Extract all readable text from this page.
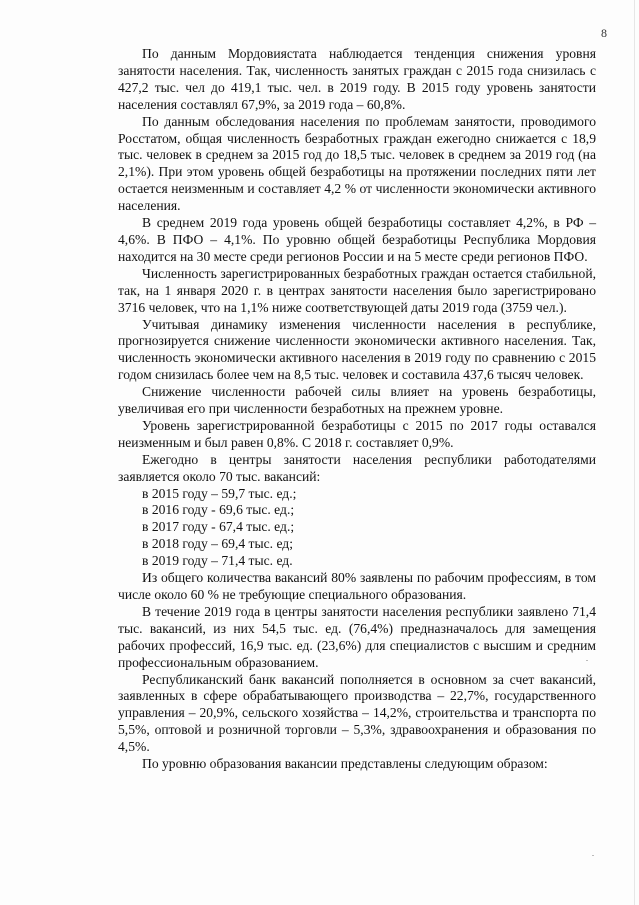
8

По данным Мордовиястата наблюдается тенденция снижения уровня занятости населения. Так, численность занятых граждан с 2015 года снизилась с 427,2 тыс. чел до 419,1 тыс. чел. в 2019 году. В 2015 году уровень занятости населения составлял 67,9%, за 2019 года – 60,8%.

По данным обследования населения по проблемам занятости, проводимого Росстатом, общая численность безработных граждан ежегодно снижается с 18,9 тыс. человек в среднем за 2015 год до 18,5 тыс. человек в среднем за 2019 год (на 2,1%). При этом уровень общей безработицы на протяжении последних пяти лет остается неизменным и составляет 4,2 % от численности экономически активного населения.

В среднем 2019 года уровень общей безработицы составляет 4,2%, в РФ – 4,6%. В ПФО – 4,1%. По уровню общей безработицы Республика Мордовия находится на 30 месте среди регионов России и на 5 месте среди регионов ПФО.

Численность зарегистрированных безработных граждан остается стабильной, так, на 1 января 2020 г. в центрах занятости населения было зарегистрировано 3716 человек, что на 1,1% ниже соответствующей даты 2019 года (3759 чел.).

Учитывая динамику изменения численности населения в республике, прогнозируется снижение численности экономически активного населения. Так, численность экономически активного населения в 2019 году по сравнению с 2015 годом снизилась более чем на 8,5 тыс. человек и составила 437,6 тысяч человек.

Снижение численности рабочей силы влияет на уровень безработицы, увеличивая его при численности безработных на прежнем уровне.

Уровень зарегистрированной безработицы с 2015 по 2017 годы оставался неизменным и был равен 0,8%. С 2018 г. составляет 0,9%.

Ежегодно в центры занятости населения республики работодателями заявляется около 70 тыс. вакансий:

в 2015 году – 59,7 тыс. ед.;

в 2016 году - 69,6 тыс. ед.;

в 2017 году - 67,4 тыс. ед.;

в 2018 году – 69,4 тыс. ед;

в 2019 году – 71,4 тыс. ед.

Из общего количества вакансий 80% заявлены по рабочим профессиям, в том числе около 60 % не требующие специального образования.

В течение 2019 года в центры занятости населения республики заявлено 71,4 тыс. вакансий, из них 54,5 тыс. ед. (76,4%) предназначалось для замещения рабочих профессий, 16,9 тыс. ед. (23,6%) для специалистов с высшим и средним профессиональным образованием.

Республиканский банк вакансий пополняется в основном за счет вакансий, заявленных в сфере обрабатывающего производства – 22,7%, государственного управления – 20,9%, сельского хозяйства – 14,2%, строительства и транспорта по 5,5%, оптовой и розничной торговли – 5,3%, здравоохранения и образования по 4,5%.

По уровню образования вакансии представлены следующим образом:
